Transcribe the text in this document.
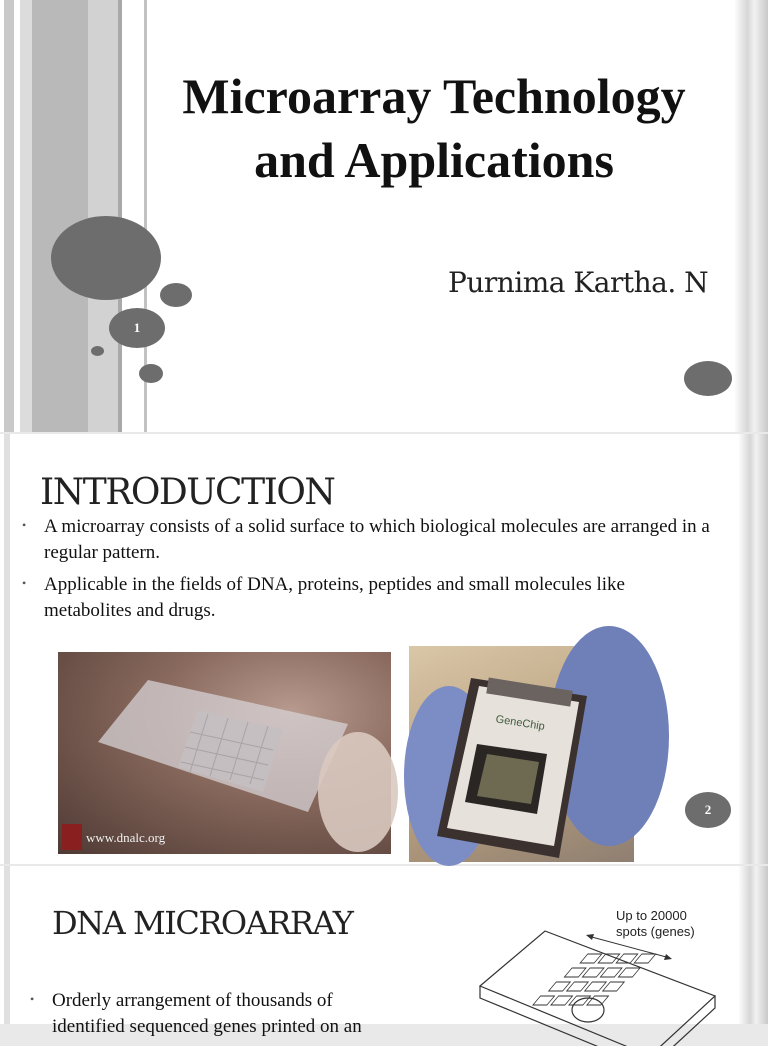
1
Microarray Technology
and Applications
Purnima Kartha. N
INTRODUCTION
• A microarray consists of a solid surface to which biological molecules are arranged in a regular pattern.
• Applicable in the fields of DNA, proteins, peptides and small molecules like metabolites and drugs.
www.dnalc.org
GeneChip
2
DNA MICROARRAY
• Orderly arrangement of thousands of identified sequenced genes printed on an
Up to 20000
spots (genes)
